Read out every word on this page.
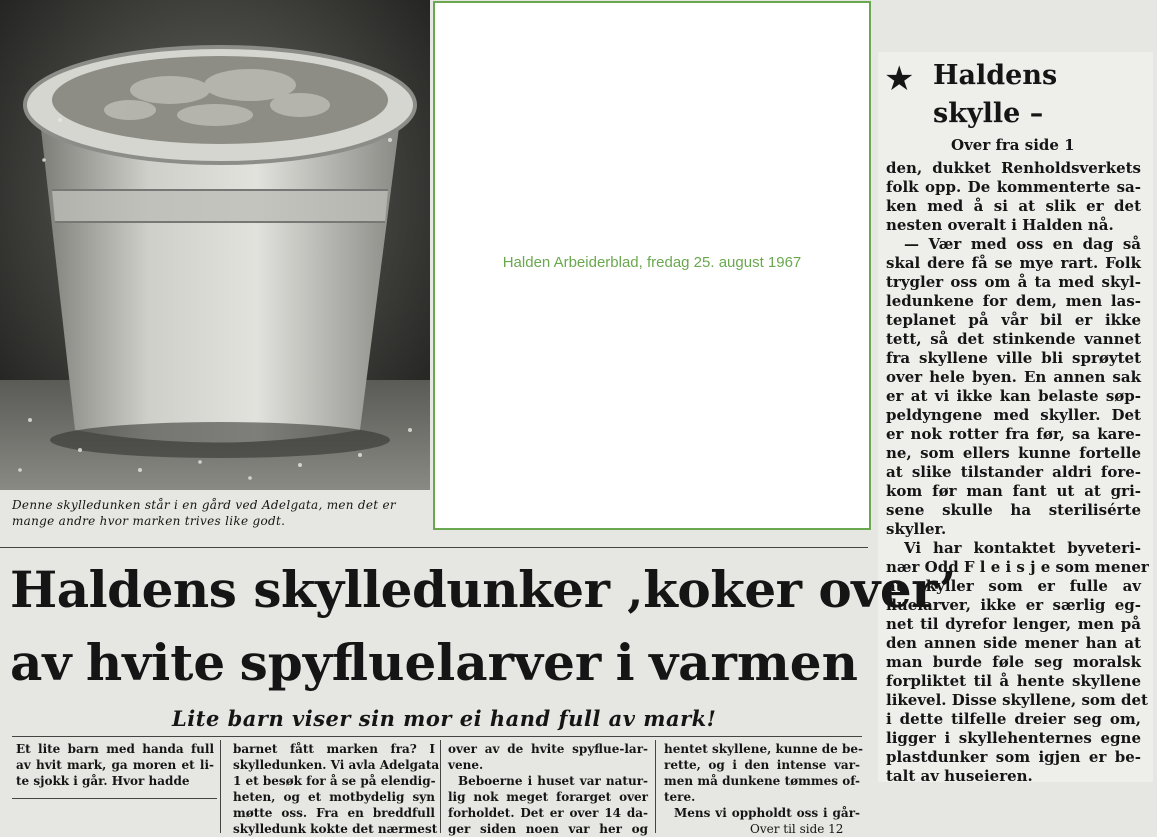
Denne skylledunken står i en gård ved Adelgata, men det er
mange andre hvor marken trives like godt.
Halden Arbeiderblad, fredag 25. august 1967
★ Haldens
skylle –
Over fra side 1
den, dukket Renholdsverkets
folk opp. De kommenterte sa-
ken med å si at slik er det
nesten overalt i Halden nå.
— Vær med oss en dag så
skal dere få se mye rart. Folk
trygler oss om å ta med skyl-
ledunkene for dem, men las-
teplanet på vår bil er ikke
tett, så det stinkende vannet
fra skyllene ville bli sprøytet
over hele byen. En annen sak
er at vi ikke kan belaste søp-
peldyngene med skyller. Det
er nok rotter fra før, sa kare-
ne, som ellers kunne fortelle
at slike tilstander aldri fore-
kom før man fant ut at gri-
sene skulle ha sterilisérte
skyller.
Vi har kontaktet byveteri-
nær Odd F l e i s j e som mener
at skyller som er fulle av
fluelarver, ikke er særlig eg-
net til dyrefor lenger, men på
den annen side mener han at
man burde føle seg moralsk
forpliktet til å hente skyllene
likevel. Disse skyllene, som det
i dette tilfelle dreier seg om,
ligger i skyllehenternes egne
plastdunker som igjen er be-
talt av huseieren.
Haldens skylledunker ‚koker over’
av hvite spyfluelarver i varmen
Lite barn viser sin mor ei hand full av mark!
Et lite barn med handa full
av hvit mark, ga moren et li-
te sjokk i går. Hvor hadde
barnet fått marken fra? I
skylledunken. Vi avla Adelgata
1 et besøk for å se på elendig-
heten, og et motbydelig syn
møtte oss. Fra en breddfull
skylledunk kokte det nærmest
over av de hvite spyflue-lar-
vene.
Beboerne i huset var natur-
lig nok meget forarget over
forholdet. Det er over 14 da-
ger siden noen var her og
hentet skyllene, kunne de be-
rette, og i den intense var-
men må dunkene tømmes of-
tere.
Mens vi oppholdt oss i går-
Over til side 12
